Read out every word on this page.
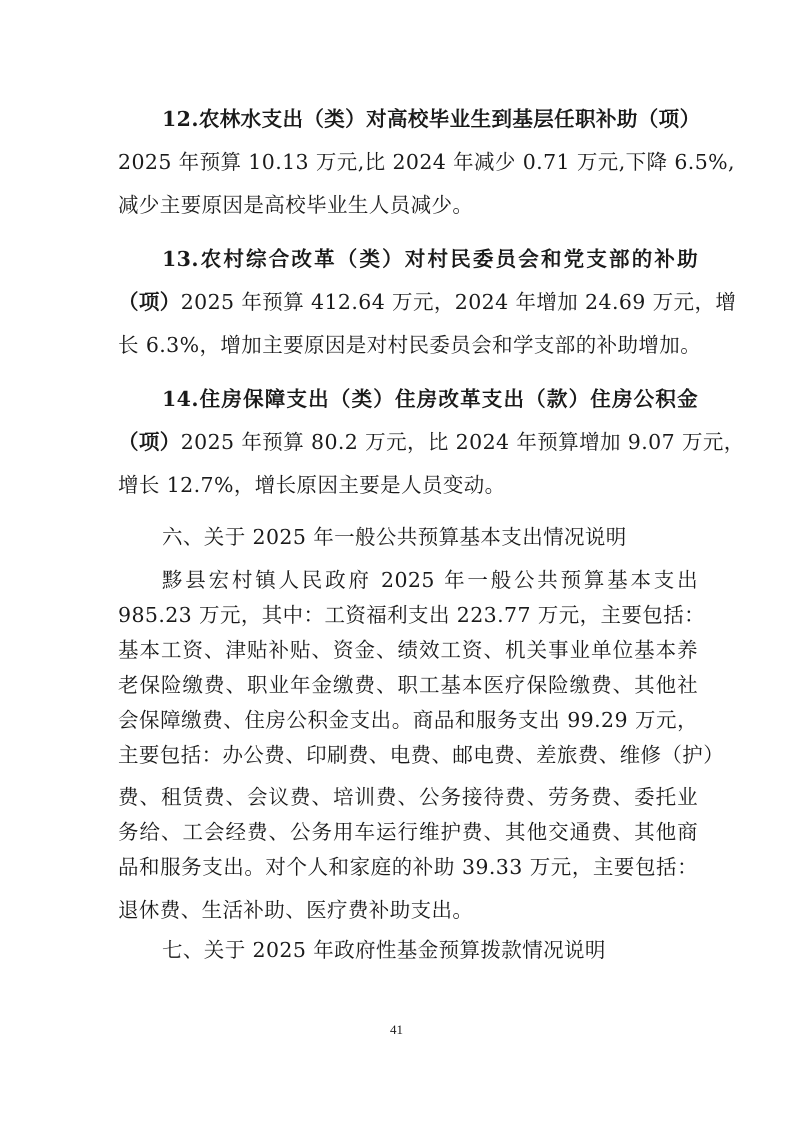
12.农林水支出（类）对高校毕业生到基层任职补助（项）
2025 年预算 10.13 万元,比 2024 年减少 0.71 万元,下降 6.5%,
减少主要原因是高校毕业生人员减少。
13.农村综合改革（类）对村民委员会和党支部的补助
（项）2025 年预算 412.64 万元，2024 年增加 24.69 万元，增
长 6.3%，增加主要原因是对村民委员会和学支部的补助增加。
14.住房保障支出（类）住房改革支出（款）住房公积金
（项）2025 年预算 80.2 万元，比 2024 年预算增加 9.07 万元，
增长 12.7%，增长原因主要是人员变动。
六、关于 2025 年一般公共预算基本支出情况说明
黟县宏村镇人民政府 2025 年一般公共预算基本支出
985.23 万元，其中：工资福利支出 223.77 万元，主要包括：
基本工资、津贴补贴、资金、绩效工资、机关事业单位基本养
老保险缴费、职业年金缴费、职工基本医疗保险缴费、其他社
会保障缴费、住房公积金支出。商品和服务支出 99.29 万元，
主要包括：办公费、印刷费、电费、邮电费、差旅费、维修（护）
费、租赁费、会议费、培训费、公务接待费、劳务费、委托业
务给、工会经费、公务用车运行维护费、其他交通费、其他商
品和服务支出。对个人和家庭的补助 39.33 万元，主要包括：
退休费、生活补助、医疗费补助支出。
七、关于 2025 年政府性基金预算拨款情况说明
41
